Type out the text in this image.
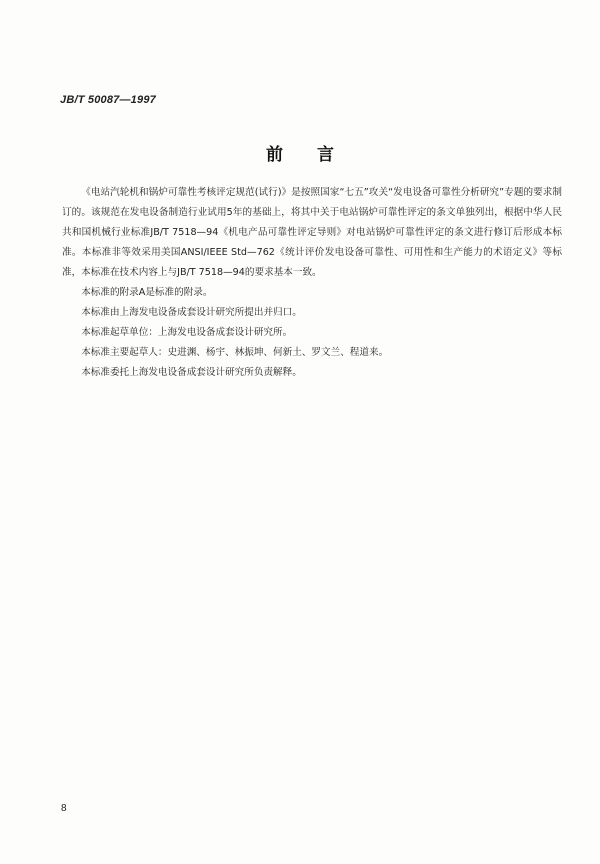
JB/T 50087—1997
前言

《电站汽轮机和锅炉可靠性考核评定规范(试行)》是按照国家“七五”攻关“发电设备可靠性分析研究”专题的要求制订的。该规范在发电设备制造行业试用5年的基础上，将其中关于电站锅炉可靠性评定的条文单独列出，根据中华人民共和国机械行业标准JB/T 7518—94《机电产品可靠性评定导则》对电站锅炉可靠性评定的条文进行修订后形成本标准。本标准非等效采用美国ANSI/IEEE Std—762《统计评价发电设备可靠性、可用性和生产能力的术语定义》等标准，本标准在技术内容上与JB/T 7518—94的要求基本一致。

本标准的附录A是标准的附录。

本标准由上海发电设备成套设计研究所提出并归口。

本标准起草单位：上海发电设备成套设计研究所。

本标准主要起草人：史进渊、杨宇、林振坤、何新土、罗文兰、程道来。

本标准委托上海发电设备成套设计研究所负责解释。

8
